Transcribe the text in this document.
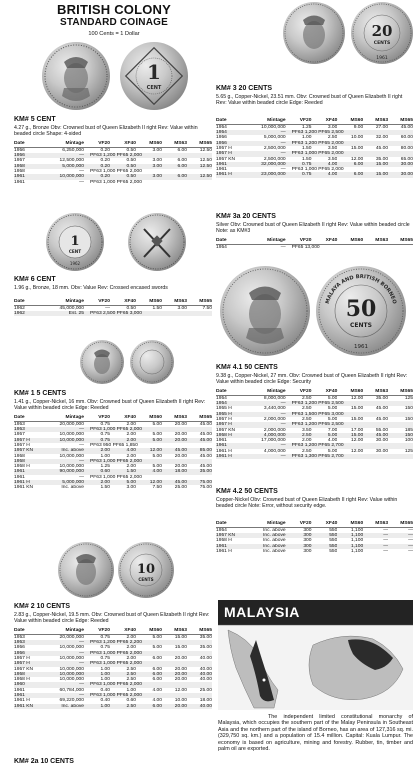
BRITISH COLONY
STANDARD COINAGE
100 Cents = 1 Dollar
1
CENT
KM# 5 CENT
4.27 g., Bronze Obv: Crowned bust of Queen Elizabeth II right Rev: Value within beaded circle Shape: 4-sided
Date	Mintage	VF20	XF40	MS60	MS63	MS65
1956	6,250,000	0.20	0.50	3.00	6.00	12.50
1956	—	PF63 1,200 PF65 2,000				
1957	12,500,000	0.20	0.50	3.00	6.00	12.50
1958	5,000,000	0.20	0.50	3.00	6.00	12.50
1958	—	PF63 1,000 PF65 2,000				
1961	10,000,000	0.20	0.50	3.00	6.00	12.50
1961	—	PF63 1,000 PF65 2,000				
1
CENT
1962
KM# 6 CENT
1.96 g., Bronze, 18 mm. Obv: Value Rev: Crossed encased swords
Date	Mintage	VF20	XF40	MS60	MS63	MS65
1962	45,000,000	—	0.50	1.50	3.00	7.50
1962	Est. 25	PF63 2,500 PF65 3,000				
KM# 1 5 CENTS
1.41 g., Copper-Nickel, 16 mm. Obv: Crowned bust of Queen Elizabeth II right Rev: Value within beaded circle Edge: Reeded
Date	Mintage	VF20	XF40	MS60	MS63	MS65
1953	20,000,000	0.75	2.00	5.00	20.00	45.00
1953	—	PF63 1,000 PF65 2,000				
1957	10,000,000	0.75	2.00	5.00	20.00	45.00
1957 H	10,000,000	0.75	2.00	5.00	20.00	45.00
1957 H	—	PF63 950 PF65 1,850				
1957 KN	Inc. above	2.00	4.00	12.00	45.00	85.00
1958	10,000,000	1.00	2.00	5.00	20.00	45.00
1958	—	PF63 1,000 PF65 2,000				
1958 H	10,000,000	1.25	2.00	5.00	20.00	45.00
1961	90,000,000	0.60	1.50	4.00	18.00	35.00
1961	—	PF63 1,000 PF65 2,000				
1961 H	5,000,000	2.00	5.00	12.00	45.00	75.00
1961 KN	Inc. above	1.50	3.00	7.50	25.00	75.00
10
CENTS
KM# 2 10 CENTS
2.83 g., Copper-Nickel, 19.5 mm. Obv: Crowned bust of Queen Elizabeth II right Rev: Value within beaded circle Edge: Reeded
Date	Mintage	VF20	XF40	MS60	MS63	MS65
1953	20,000,000	0.75	2.00	5.00	15.00	35.00
1953	—	PF63 1,200 PF65 2,200				
1956	10,000,000	0.75	2.00	5.00	15.00	35.00
1956	—	PF63 1,000 PF65 2,000				
1957 H	10,000,000	0.75	2.00	6.00	20.00	40.00
1957 H	—	PF63 1,000 PF65 2,000				
1957 KN	10,000,000	1.00	2.50	6.00	20.00	40.00
1958	10,000,000	1.00	2.50	6.00	20.00	40.00
1958 H	10,000,000	1.00	2.50	6.00	20.00	40.00
1960	—	PF63 1,000 PF65 2,000				
1961	60,784,000	0.40	1.00	4.00	12.00	25.00
1961	—	PF63 1,000 PF65 2,000				
1961 H	69,220,000	0.40	0.60	4.00	10.00	18.00
1961 KN	Inc. above	1.00	2.50	6.00	20.00	40.00
KM# 2a 10 CENTS
20
CENTS
1961
KM# 3 20 CENTS
5.65 g., Copper-Nickel, 23.51 mm. Obv: Crowned bust of Queen Elizabeth II right Rev: Value within beaded circle Edge: Reeded
Date	Mintage	VF20	XF40	MS60	MS63	MS65
1954	10,000,000	1.25	3.00	9.00	27.00	45.00
1954	—	PF63 1,200 PF65 2,500				
1956	5,000,000	1.00	2.50	10.00	32.00	60.00
1956	—	PF63 1,200 PF65 2,000				
1957 H	2,500,000	1.50	3.50	15.00	45.00	80.00
1957 H	—	PF63 1,000 PF65 2,000				
1957 KN	2,500,000	1.50	3.50	12.00	35.00	65.00
1961	32,000,000	0.75	4.00	6.00	15.00	30.00
1961	—	PF63 1,000 PF65 2,000				
1961 H	23,000,000	0.75	4.00	6.00	15.00	30.00
KM# 3a 20 CENTS
Silver Obv: Crowned bust of Queen Elizabeth II right Rev: Value within beaded circle Note: as KM#3
Date	Mintage	VF20	XF40	MS60	MS63	MS65
1954	—	PF65 13,000				
MALAYA AND BRITISH BORNEO
50
CENTS
1961
KM# 4.1 50 CENTS
9.38 g., Copper-Nickel, 27 mm. Obv: Crowned bust of Queen Elizabeth II right Rev: Value within beaded circle Edge: Security
Date	Mintage	VF20	XF40	MS60	MS63	MS65
1954	8,000,000	2.50	5.00	12.00	35.00	125
1954	—	PF63 1,200 PF65 2,500				
1955 H	3,440,000	2.50	5.00	15.00	45.00	150
1955 H	—	PF63 1,500 PF65 3,000				
1957 H	2,000,000	2.50	5.00	15.00	45.00	150
1957 H	—	PF63 1,200 PF65 2,500				
1957 KN	2,000,000	3.50	7.00	17.00	55.00	185
1958 H	4,000,000	2.50	5.00	15.00	45.00	150
1961	17,000,000	2.00	4.00	12.00	30.00	100
1961	—	PF63 1,200 PF65 2,700				
1961 H	4,000,000	2.50	5.00	12.00	30.00	125
1961 H	—	PF63 1,300 PF65 2,700				
KM# 4.2 50 CENTS
Copper-Nickel Obv: Crowned bust of Queen Elizabeth II right Rev: Value within beaded circle Note: Error, without security edge.
Date	Mintage	VF20	XF40	MS60	MS63	MS65
1954	Inc. above	300	550	1,100	—	—
1957 KN	Inc. above	300	550	1,100	—	—
1958 H	Inc. above	300	550	1,100	—	—
1961	Inc. above	300	550	1,100	—	—
1961 H	Inc. above	300	550	1,100	—	—
MALAYSIA
The independent limited constitutional monarchy of Malaysia, which occupies the southern part of the Malay Peninsula in Southeast Asia and the northern part of the island of Borneo, has an area of 127,316 sq. mi. (329,750 sq. km.) and a population of 15.4 million. Capital: Kuala Lumpur. The economy is based on agriculture, mining and forestry. Rubber, tin, timber and palm oil are exported.
